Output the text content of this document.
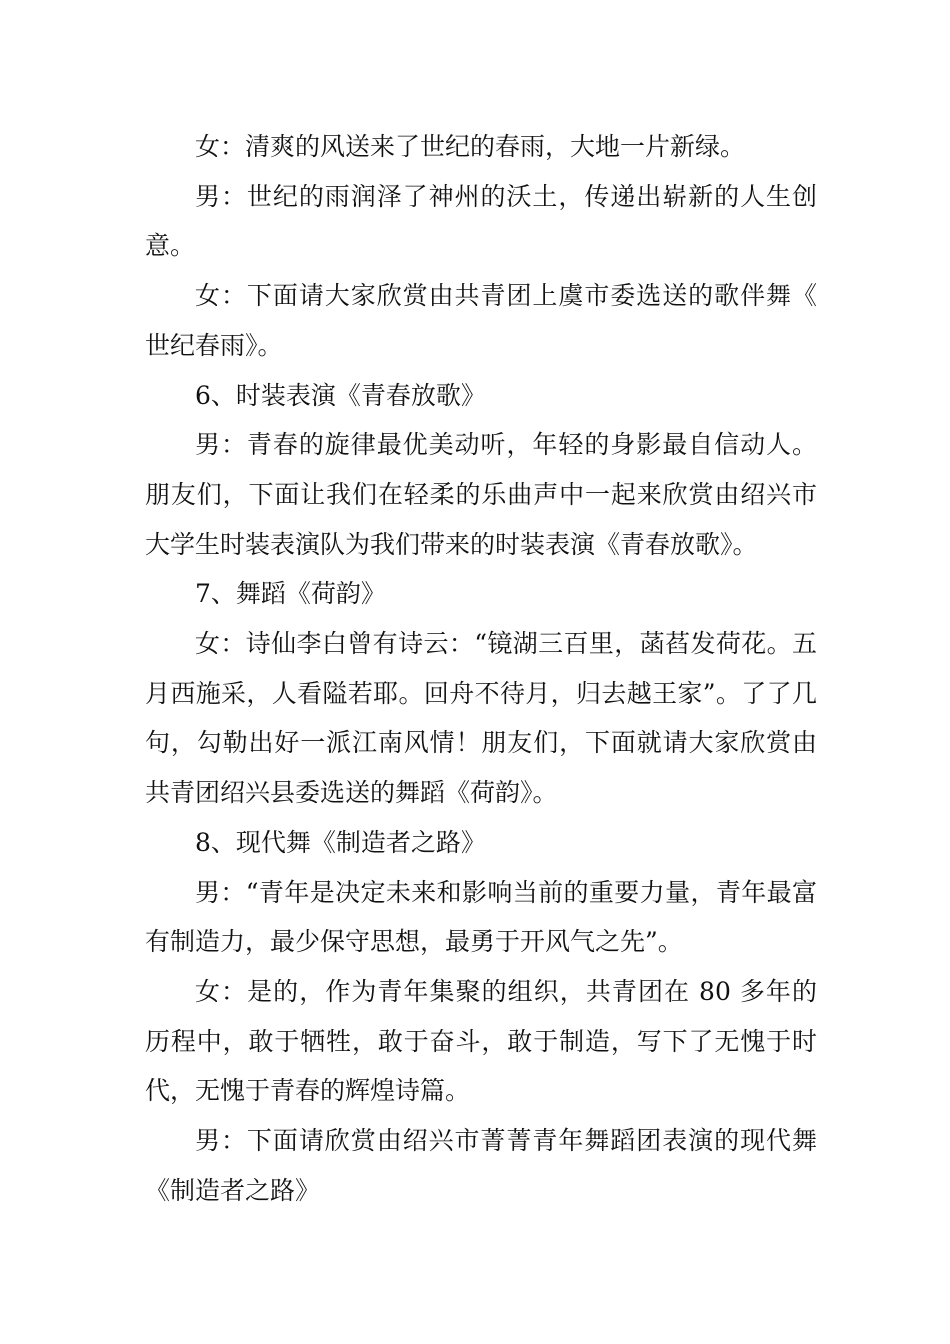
女：清爽的风送来了世纪的春雨，大地一片新绿。

男：世纪的雨润泽了神州的沃土，传递出崭新的人生创意。

女：下面请大家欣赏由共青团上虞市委选送的歌伴舞《世纪春雨》。

6、时装表演《青春放歌》

男：青春的旋律最优美动听，年轻的身影最自信动人。朋友们，下面让我们在轻柔的乐曲声中一起来欣赏由绍兴市大学生时装表演队为我们带来的时装表演《青春放歌》。

7、舞蹈《荷韵》

女：诗仙李白曾有诗云：“镜湖三百里，菡萏发荷花。五月西施采，人看隘若耶。回舟不待月，归去越王家”。了了几句，勾勒出好一派江南风情！朋友们，下面就请大家欣赏由共青团绍兴县委选送的舞蹈《荷韵》。

8、现代舞《制造者之路》

男：“青年是决定未来和影响当前的重要力量，青年最富有制造力，最少保守思想，最勇于开风气之先”。

女：是的，作为青年集聚的组织，共青团在 80 多年的历程中，敢于牺牲，敢于奋斗，敢于制造，写下了无愧于时代，无愧于青春的辉煌诗篇。

男：下面请欣赏由绍兴市菁菁青年舞蹈团表演的现代舞《制造者之路》
